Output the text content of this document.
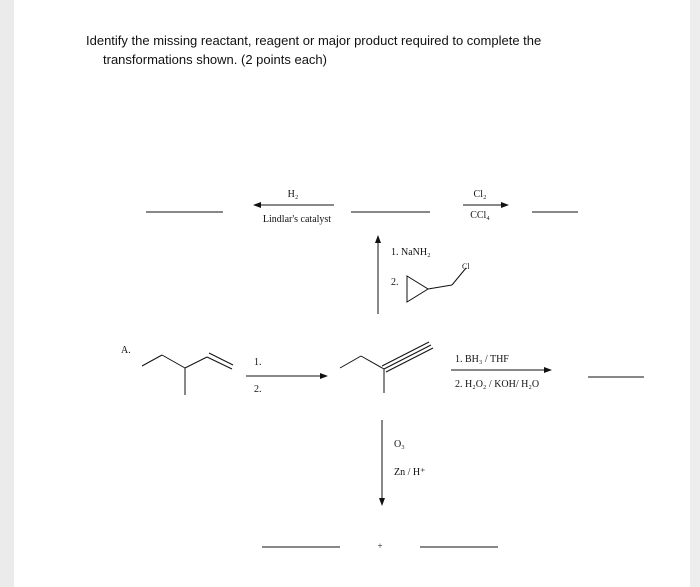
Identify the missing reactant, reagent or major product required to complete the
transformations shown. (2 points each)
H₂
Lindlar's catalyst
Cl₂
CCl₄
1. NaNH₂
2.
Cl
A.
1.
2.
1. BH₃ / THF
2. H₂O₂ / KOH/ H₂O
O₃
Zn / H⁺
+
